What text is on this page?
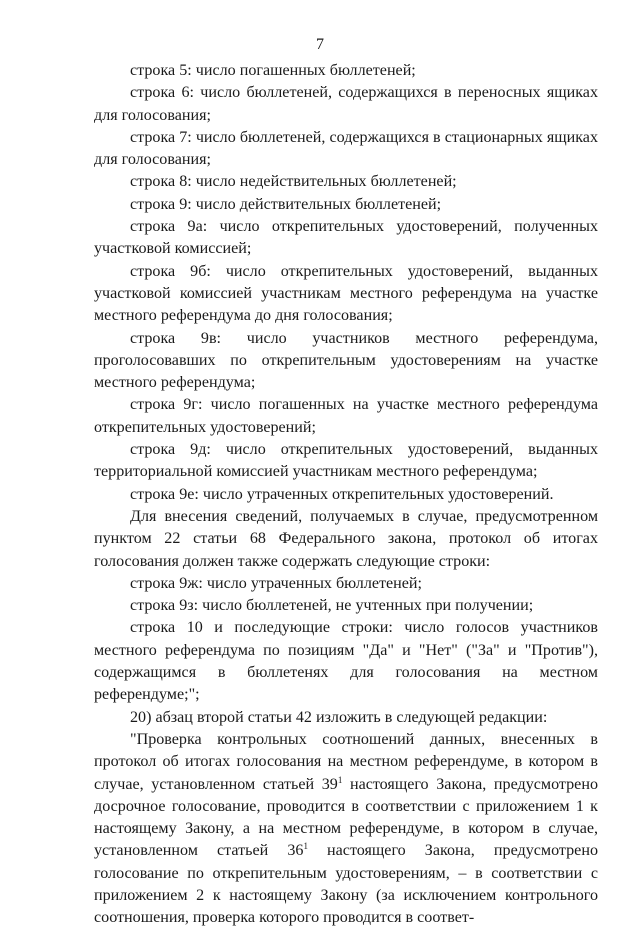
7

строка 5: число погашенных бюллетеней;

строка 6: число бюллетеней, содержащихся в переносных ящиках для голосования;

строка 7: число бюллетеней, содержащихся в стационарных ящиках для голосования;

строка 8: число недействительных бюллетеней;

строка 9: число действительных бюллетеней;

строка 9а: число открепительных удостоверений, полученных участковой комиссией;

строка 9б: число открепительных удостоверений, выданных участковой комиссией участникам местного референдума на участке местного референдума до дня голосования;

строка 9в: число участников местного референдума, проголосовавших по открепительным удостоверениям на участке местного референдума;

строка 9г: число погашенных на участке местного референдума открепительных удостоверений;

строка 9д: число открепительных удостоверений, выданных территориальной комиссией участникам местного референдума;

строка 9е: число утраченных открепительных удостоверений.

Для внесения сведений, получаемых в случае, предусмотренном пунктом 22 статьи 68 Федерального закона, протокол об итогах голосования должен также содержать следующие строки:

строка 9ж: число утраченных бюллетеней;

строка 9з: число бюллетеней, не учтенных при получении;

строка 10 и последующие строки: число голосов участников местного референдума по позициям "Да" и "Нет" ("За" и "Против"), содержащимся в бюллетенях для голосования на местном референдуме;";

20) абзац второй статьи 42 изложить в следующей редакции:

"Проверка контрольных соотношений данных, внесенных в протокол об итогах голосования на местном референдуме, в котором в случае, установленном статьей 39$^1$ настоящего Закона, предусмотрено досрочное голосование, проводится в соответствии с приложением 1 к настоящему Закону, а на местном референдуме, в котором в случае, установленном статьей 36$^1$ настоящего Закона, предусмотрено голосование по открепительным удостоверениям, – в соответствии с приложением 2 к настоящему Закону (за исключением контрольного соотношения, проверка которого проводится в соответ-
